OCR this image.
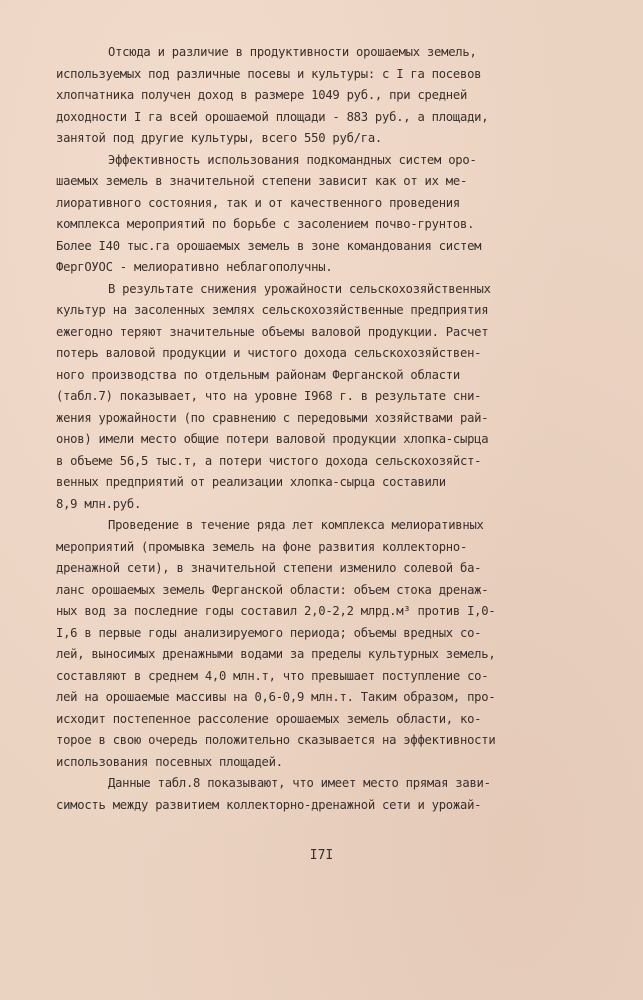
Отсюда и различие в продуктивности орошаемых земель,
используемых под различные посевы и культуры: с I га посевов
хлопчатника получен доход в размере 1049 руб., при средней
доходности I га всей орошаемой площади - 883 руб., а площади,
занятой под другие культуры, всего 550 руб/га.
Эффективность использования подкомандных систем оро-
шаемых земель в значительной степени зависит как от их ме-
лиоративного состояния, так и от качественного проведения
комплекса мероприятий по борьбе с засолением почво-грунтов.
Более I40 тыс.га орошаемых земель в зоне командования систем
ФергОУОС - мелиоративно неблагополучны.
В результате снижения урожайности сельскохозяйственных
культур на засоленных землях сельскохозяйственные предприятия
ежегодно теряют значительные объемы валовой продукции. Расчет
потерь валовой продукции и чистого дохода сельскохозяйствен-
ного производства по отдельным районам Ферганской области
(табл.7) показывает, что на уровне I968 г. в результате сни-
жения урожайности (по сравнению с передовыми хозяйствами рай-
онов) имели место общие потери валовой продукции хлопка-сырца
в объеме 56,5 тыс.т, а потери чистого дохода сельскохозяйст-
венных предприятий от реализации хлопка-сырца составили
8,9 млн.руб.
Проведение в течение ряда лет комплекса мелиоративных
мероприятий (промывка земель на фоне развития коллекторно-
дренажной сети), в значительной степени изменило солевой ба-
ланс орошаемых земель Ферганской области: объем стока дренаж-
ных вод за последние годы составил 2,0-2,2 млрд.м³ против I,0-
I,6 в первые годы анализируемого периода; объемы вредных со-
лей, выносимых дренажными водами за пределы культурных земель,
составляют в среднем 4,0 млн.т, что превышает поступление со-
лей на орошаемые массивы на 0,6-0,9 млн.т. Таким образом, про-
исходит постепенное рассоление орошаемых земель области, ко-
торое в свою очередь положительно сказывается на эффективности
использования посевных площадей.
Данные табл.8 показывают, что имеет место прямая зави-
симость между развитием коллекторно-дренажной сети и урожай-
I7I
